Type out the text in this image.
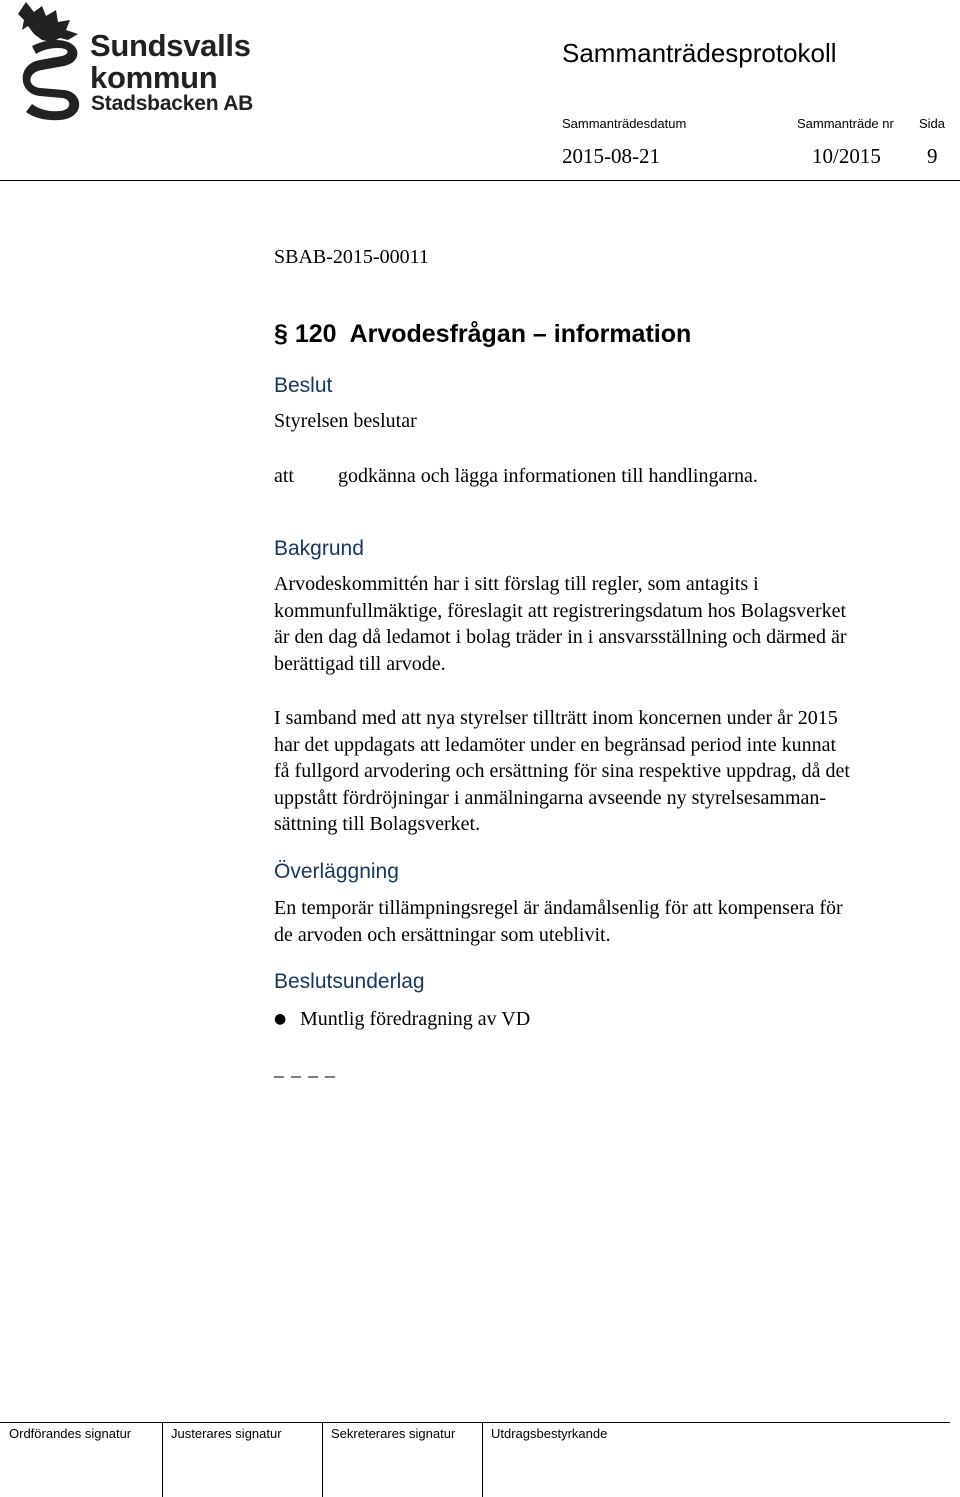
Sundsvalls
kommun
Stadsbacken AB
Sammanträdesprotokoll
Sammanträdesdatum	Sammanträde nr Sida
2015-08-21	10/2015 9
SBAB-2015-00011
§ 120  Arvodesfrågan – information
Beslut
Styrelsen beslutar
att godkänna och lägga informationen till handlingarna.
Bakgrund
Arvodeskommittén har i sitt förslag till regler, som antagits i
kommunfullmäktige, föreslagit att registreringsdatum hos Bolagsverket
är den dag då ledamot i bolag träder in i ansvarsställning och därmed är
berättigad till arvode.
I samband med att nya styrelser tillträtt inom koncernen under år 2015
har det uppdagats att ledamöter under en begränsad period inte kunnat
få fullgord arvodering och ersättning för sina respektive uppdrag, då det
uppstått fördröjningar i anmälningarna avseende ny styrelsesamman-
sättning till Bolagsverket.
Överläggning
En temporär tillämpningsregel är ändamålsenlig för att kompensera för
de arvoden och ersättningar som uteblivit.
Beslutsunderlag
● Muntlig föredragning av VD
_ _ _ _
Ordförandes signatur	Justerares signatur	Sekreterares signatur	Utdragsbestyrkande
